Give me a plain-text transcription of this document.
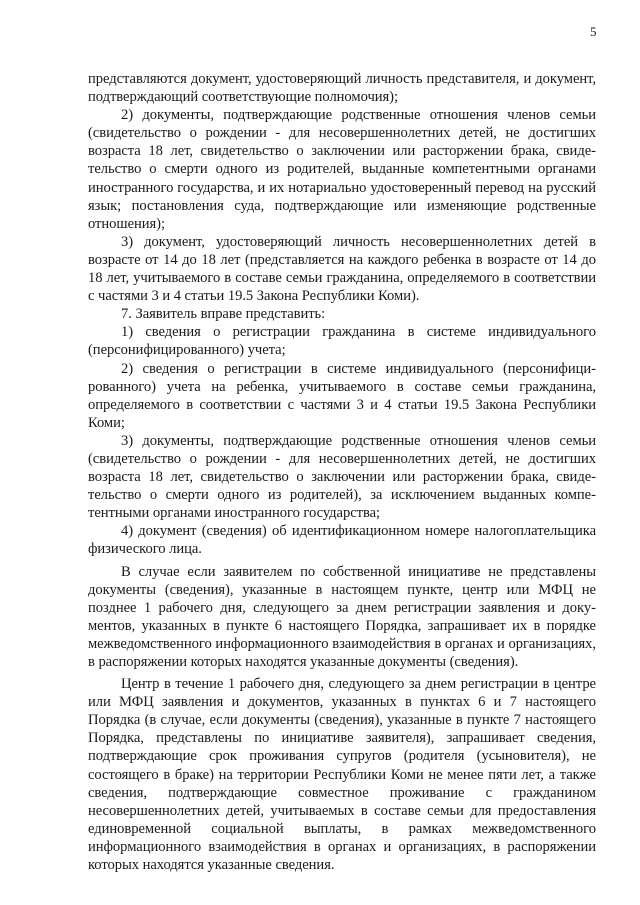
5

представляются документ, удостоверяющий личность представителя, и документ, подтверждающий соответствующие полномочия);

2) документы, подтверждающие родственные отношения членов семьи (свидетельство о рождении - для несовершеннолетних детей, не достигших возраста 18 лет, свидетельство о заключении или расторжении брака, свидетельство о смерти одного из родителей, выданные компетентными органами иностранного государства, и их нотариально удостоверенный перевод на русский язык; постановления суда, подтверждающие или изменяющие родственные отношения);

3) документ, удостоверяющий личность несовершеннолетних детей в возрасте от 14 до 18 лет (представляется на каждого ребенка в возрасте от 14 до 18 лет, учитываемого в составе семьи гражданина, определяемого в соответствии с частями 3 и 4 статьи 19.5 Закона Республики Коми).

7. Заявитель вправе представить:

1) сведения о регистрации гражданина в системе индивидуального (персонифицированного) учета;

2) сведения о регистрации в системе индивидуального (персонифицированного) учета на ребенка, учитываемого в составе семьи гражданина, определяемого в соответствии с частями 3 и 4 статьи 19.5 Закона Республики Коми;

3) документы, подтверждающие родственные отношения членов семьи (свидетельство о рождении - для несовершеннолетних детей, не достигших возраста 18 лет, свидетельство о заключении или расторжении брака, свидетельство о смерти одного из родителей), за исключением выданных компетентными органами иностранного государства;

4) документ (сведения) об идентификационном номере налогоплательщика физического лица.

В случае если заявителем по собственной инициативе не представлены документы (сведения), указанные в настоящем пункте, центр или МФЦ не позднее 1 рабочего дня, следующего за днем регистрации заявления и документов, указанных в пункте 6 настоящего Порядка, запрашивает их в порядке межведомственного информационного взаимодействия в органах и организациях, в распоряжении которых находятся указанные документы (сведения).

Центр в течение 1 рабочего дня, следующего за днем регистрации в центре или МФЦ заявления и документов, указанных в пунктах 6 и 7 настоящего Порядка (в случае, если документы (сведения), указанные в пункте 7 настоящего Порядка, представлены по инициативе заявителя), запрашивает сведения, подтверждающие срок проживания супругов (родителя (усыновителя), не состоящего в браке) на территории Республики Коми не менее пяти лет, а также сведения, подтверждающие совместное проживание с гражданином несовершеннолетних детей, учитываемых в составе семьи для предоставления единовременной социальной выплаты, в рамках межведомственного информационного взаимодействия в органах и организациях, в распоряжении которых находятся указанные сведения.
